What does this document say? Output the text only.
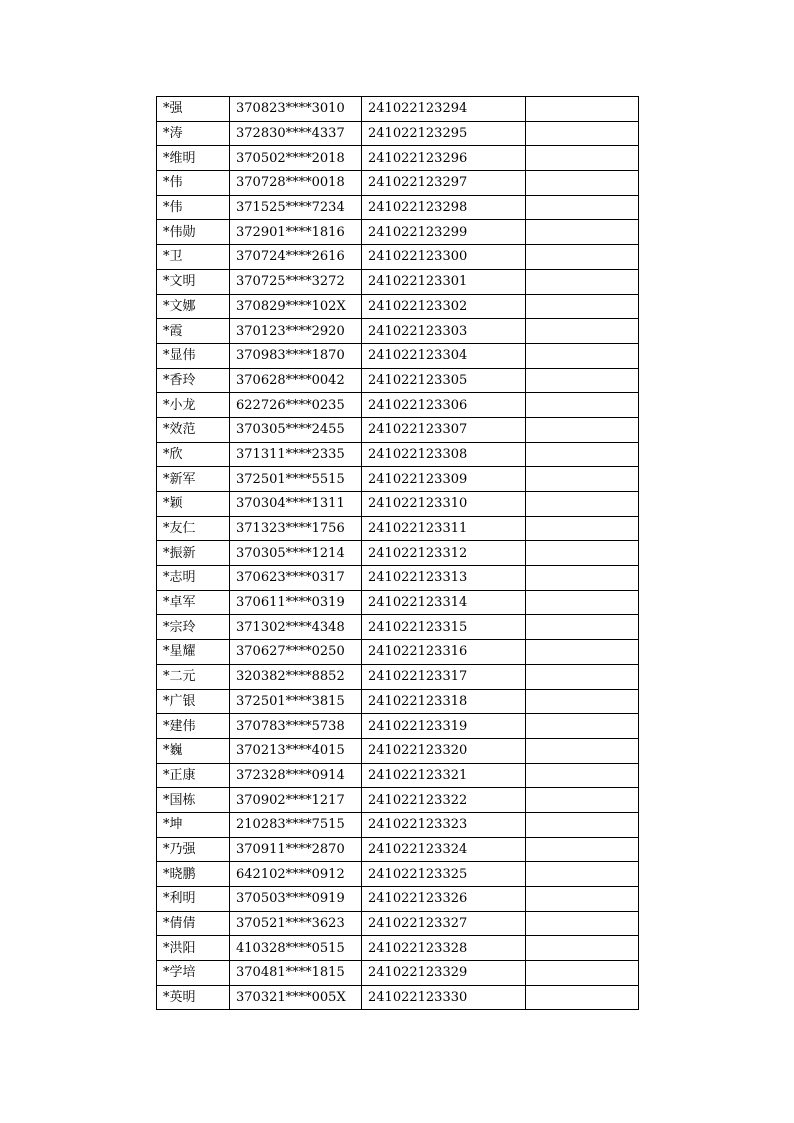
*强	370823****3010	241022123294	
*涛	372830****4337	241022123295	
*维明	370502****2018	241022123296	
*伟	370728****0018	241022123297	
*伟	371525****7234	241022123298	
*伟勋	372901****1816	241022123299	
*卫	370724****2616	241022123300	
*文明	370725****3272	241022123301	
*文娜	370829****102X	241022123302	
*霞	370123****2920	241022123303	
*显伟	370983****1870	241022123304	
*香玲	370628****0042	241022123305	
*小龙	622726****0235	241022123306	
*效范	370305****2455	241022123307	
*欣	371311****2335	241022123308	
*新军	372501****5515	241022123309	
*颖	370304****1311	241022123310	
*友仁	371323****1756	241022123311	
*振新	370305****1214	241022123312	
*志明	370623****0317	241022123313	
*卓军	370611****0319	241022123314	
*宗玲	371302****4348	241022123315	
*星耀	370627****0250	241022123316	
*二元	320382****8852	241022123317	
*广银	372501****3815	241022123318	
*建伟	370783****5738	241022123319	
*巍	370213****4015	241022123320	
*正康	372328****0914	241022123321	
*国栋	370902****1217	241022123322	
*坤	210283****7515	241022123323	
*乃强	370911****2870	241022123324	
*晓鹏	642102****0912	241022123325	
*利明	370503****0919	241022123326	
*倩倩	370521****3623	241022123327	
*洪阳	410328****0515	241022123328	
*学培	370481****1815	241022123329	
*英明	370321****005X	241022123330	
